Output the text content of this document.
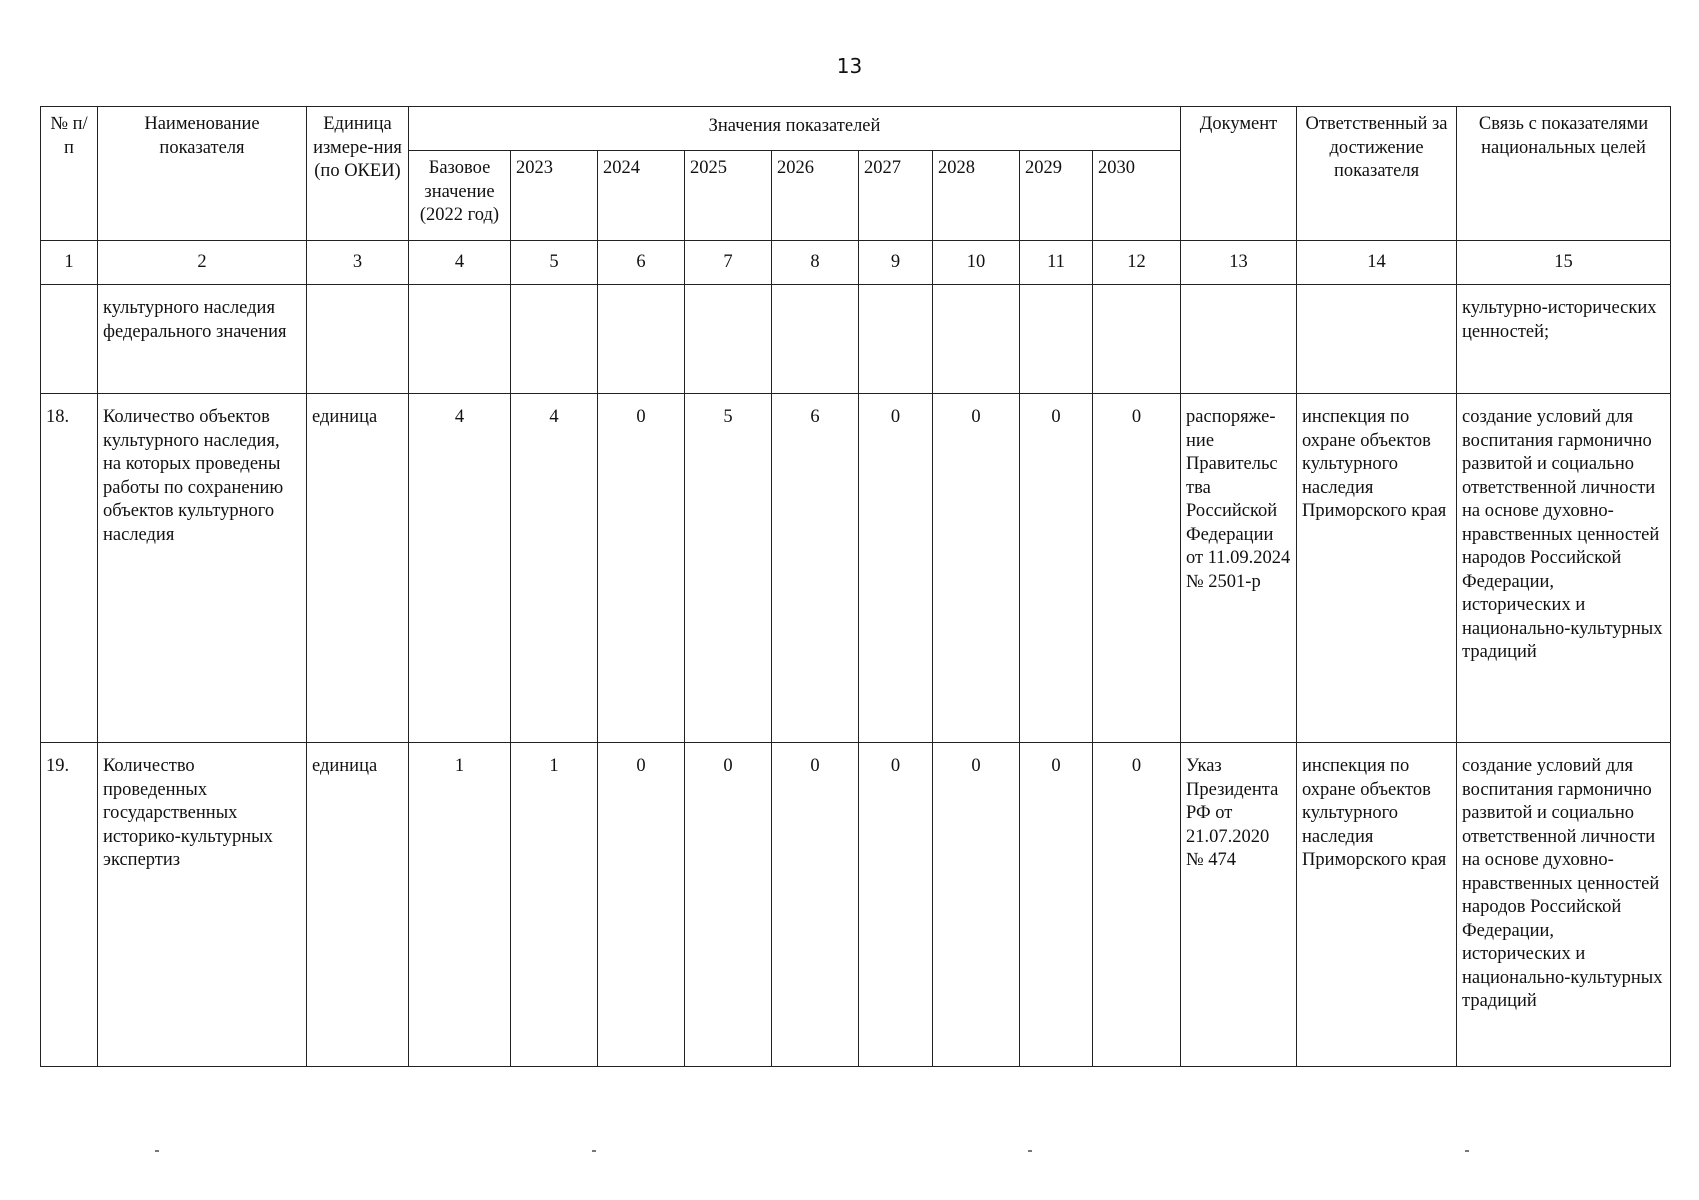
13
№ п/п	Наименование показателя	Единица измере-ния (по ОКЕИ)	Значения показателей									Документ	Ответственный за достижение показателя	Связь с показателями национальных целей
			Базовое значение (2022 год)	2023	2024	2025	2026	2027	2028	2029	2030			
1	2	3	4	5	6	7	8	9	10	11	12	13	14	15
	культурного наследия федерального значения													культурно-исторических ценностей;
18.	Количество объектов культурного наследия, на которых проведены работы по сохранению объектов культурного наследия	единица	4	4	0	5	6	0	0	0	0	распоряже-ние Правительс тва Российской Федерации от 11.09.2024 № 2501-р	инспекция по охране объектов культурного наследия Приморского края	создание условий для воспитания гармонично развитой и социально ответственной личности на основе духовно-нравственных ценностей народов Российской Федерации, исторических и национально-культурных традиций
19.	Количество проведенных государственных историко-культурных экспертиз	единица	1	1	0	0	0	0	0	0	0	Указ Президента РФ от 21.07.2020 № 474	инспекция по охране объектов культурного наследия Приморского края	создание условий для воспитания гармонично развитой и социально ответственной личности на основе духовно-нравственных ценностей народов Российской Федерации, исторических и национально-культурных традиций
